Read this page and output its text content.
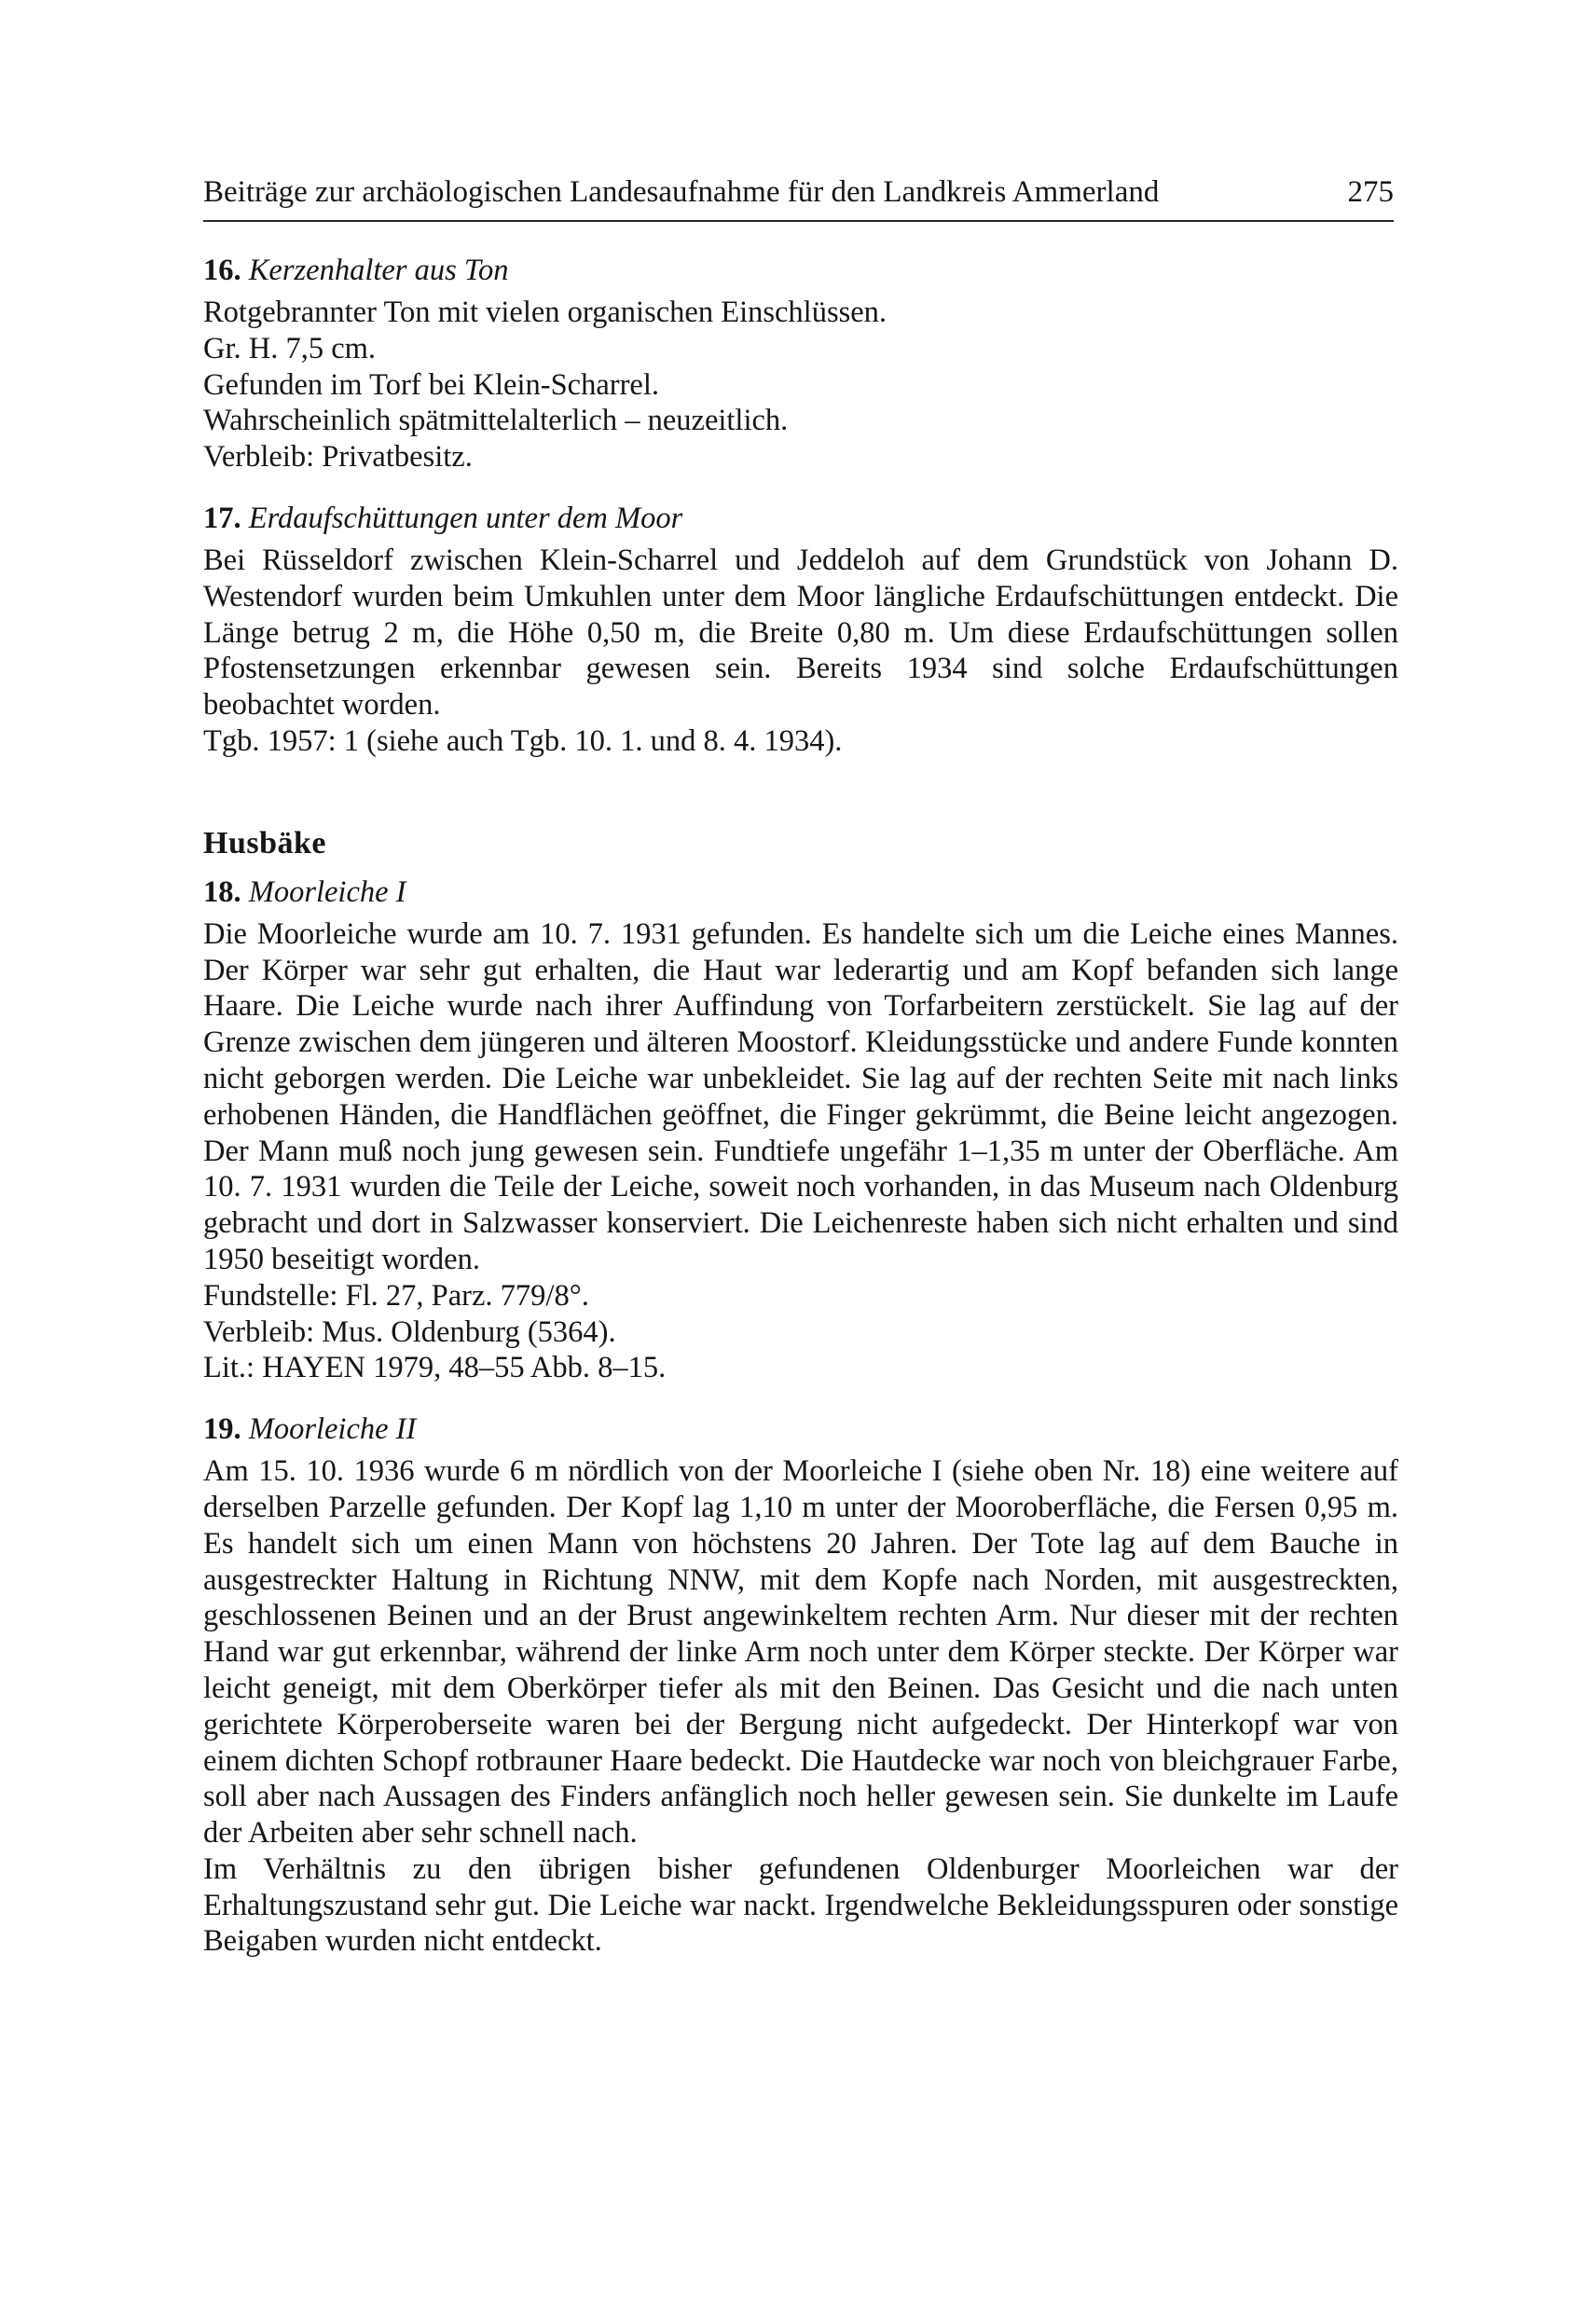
Beiträge zur archäologischen Landesaufnahme für den Landkreis Ammerland	275

16. Kerzenhalter aus Ton

Rotgebrannter Ton mit vielen organischen Einschlüssen.
Gr. H. 7,5 cm.
Gefunden im Torf bei Klein-Scharrel.
Wahrscheinlich spätmittelalterlich – neuzeitlich.
Verbleib: Privatbesitz.

17. Erdaufschüttungen unter dem Moor

Bei Rüsseldorf zwischen Klein-Scharrel und Jeddeloh auf dem Grundstück von Johann D. Westendorf wurden beim Umkuhlen unter dem Moor längliche Erdaufschüttungen entdeckt. Die Länge betrug 2 m, die Höhe 0,50 m, die Breite 0,80 m. Um diese Erdaufschüttungen sollen Pfostensetzungen erkennbar gewesen sein. Bereits 1934 sind solche Erdaufschüttungen beobachtet worden.

Tgb. 1957: 1 (siehe auch Tgb. 10. 1. und 8. 4. 1934).
Husbäke

18. Moorleiche I

Die Moorleiche wurde am 10. 7. 1931 gefunden. Es handelte sich um die Leiche eines Mannes. Der Körper war sehr gut erhalten, die Haut war lederartig und am Kopf befanden sich lange Haare. Die Leiche wurde nach ihrer Auffindung von Torfarbeitern zerstückelt. Sie lag auf der Grenze zwischen dem jüngeren und älteren Moostorf. Kleidungsstücke und andere Funde konnten nicht geborgen werden. Die Leiche war unbekleidet. Sie lag auf der rechten Seite mit nach links erhobenen Händen, die Handflächen geöffnet, die Finger gekrümmt, die Beine leicht angezogen. Der Mann muß noch jung gewesen sein. Fundtiefe ungefähr 1–1,35 m unter der Oberfläche. Am 10. 7. 1931 wurden die Teile der Leiche, soweit noch vorhanden, in das Museum nach Oldenburg gebracht und dort in Salzwasser konserviert. Die Leichenreste haben sich nicht erhalten und sind 1950 beseitigt worden.

Fundstelle: Fl. 27, Parz. 779/8°.
Verbleib: Mus. Oldenburg (5364).
Lit.: HAYEN 1979, 48–55 Abb. 8–15.

19. Moorleiche II

Am 15. 10. 1936 wurde 6 m nördlich von der Moorleiche I (siehe oben Nr. 18) eine weitere auf derselben Parzelle gefunden. Der Kopf lag 1,10 m unter der Mooroberfläche, die Fersen 0,95 m. Es handelt sich um einen Mann von höchstens 20 Jahren. Der Tote lag auf dem Bauche in ausgestreckter Haltung in Richtung NNW, mit dem Kopfe nach Norden, mit ausgestreckten, geschlossenen Beinen und an der Brust angewinkeltem rechten Arm. Nur dieser mit der rechten Hand war gut erkennbar, während der linke Arm noch unter dem Körper steckte. Der Körper war leicht geneigt, mit dem Oberkörper tiefer als mit den Beinen. Das Gesicht und die nach unten gerichtete Körperoberseite waren bei der Bergung nicht aufgedeckt. Der Hinterkopf war von einem dichten Schopf rotbrauner Haare bedeckt. Die Hautdecke war noch von bleichgrauer Farbe, soll aber nach Aussagen des Finders anfänglich noch heller gewesen sein. Sie dunkelte im Laufe der Arbeiten aber sehr schnell nach.

Im Verhältnis zu den übrigen bisher gefundenen Oldenburger Moorleichen war der Erhaltungszustand sehr gut. Die Leiche war nackt. Irgendwelche Bekleidungsspuren oder sonstige Beigaben wurden nicht entdeckt.
